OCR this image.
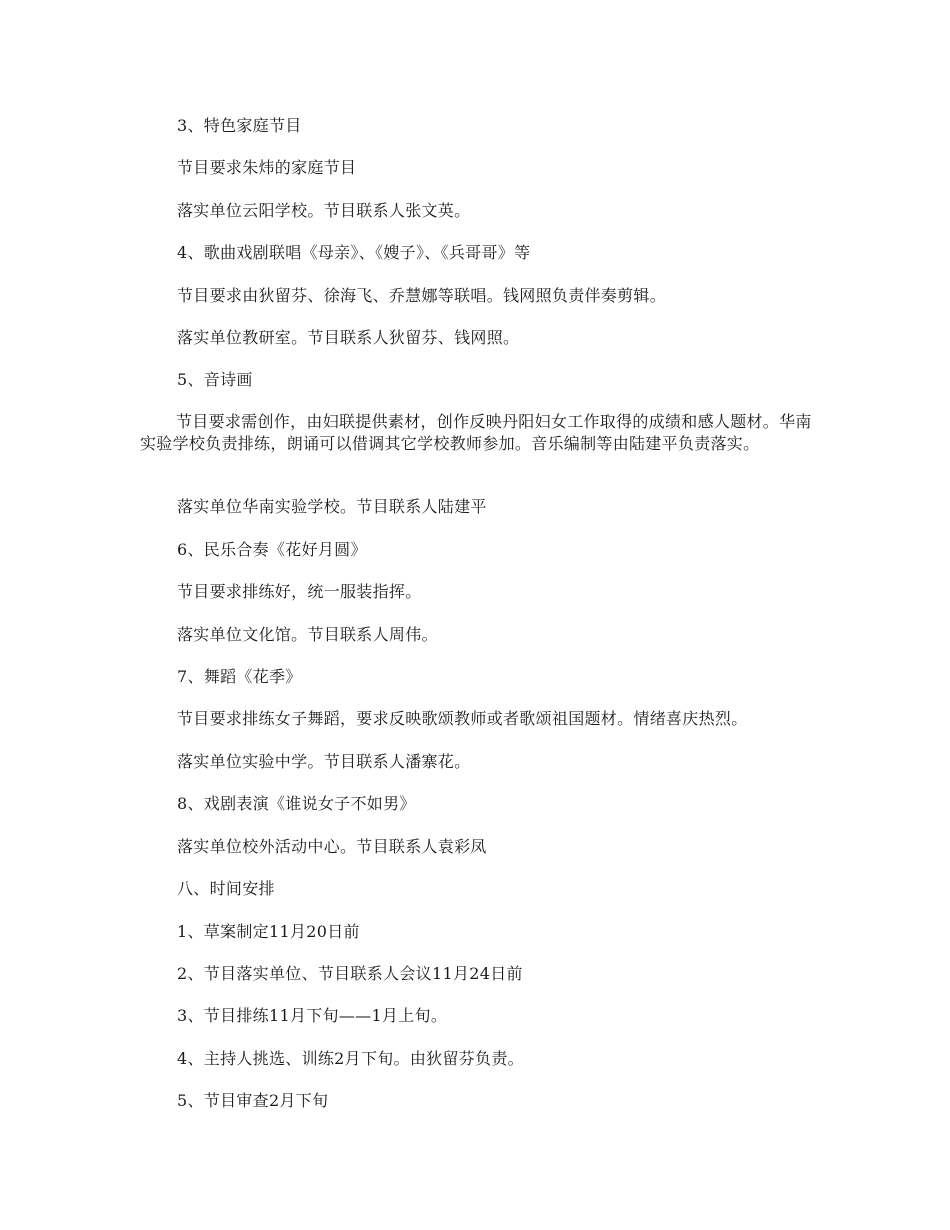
3、特色家庭节目
节目要求朱炜的家庭节目
落实单位云阳学校。节目联系人张文英。
4、歌曲戏剧联唱《母亲》、《嫂子》、《兵哥哥》等
节目要求由狄留芬、徐海飞、乔慧娜等联唱。钱网照负责伴奏剪辑。
落实单位教研室。节目联系人狄留芬、钱网照。
5、音诗画
节目要求需创作，由妇联提供素材，创作反映丹阳妇女工作取得的成绩和感人题材。华南实验学校负责排练，朗诵可以借调其它学校教师参加。音乐编制等由陆建平负责落实。
落实单位华南实验学校。节目联系人陆建平
6、民乐合奏《花好月圆》
节目要求排练好，统一服装指挥。
落实单位文化馆。节目联系人周伟。
7、舞蹈《花季》
节目要求排练女子舞蹈，要求反映歌颂教师或者歌颂祖国题材。情绪喜庆热烈。
落实单位实验中学。节目联系人潘寨花。
8、戏剧表演《谁说女子不如男》
落实单位校外活动中心。节目联系人袁彩凤
八、时间安排
1、草案制定11月20日前
2、节目落实单位、节目联系人会议11月24日前
3、节目排练11月下旬——1月上旬。
4、主持人挑选、训练2月下旬。由狄留芬负责。
5、节目审查2月下旬
